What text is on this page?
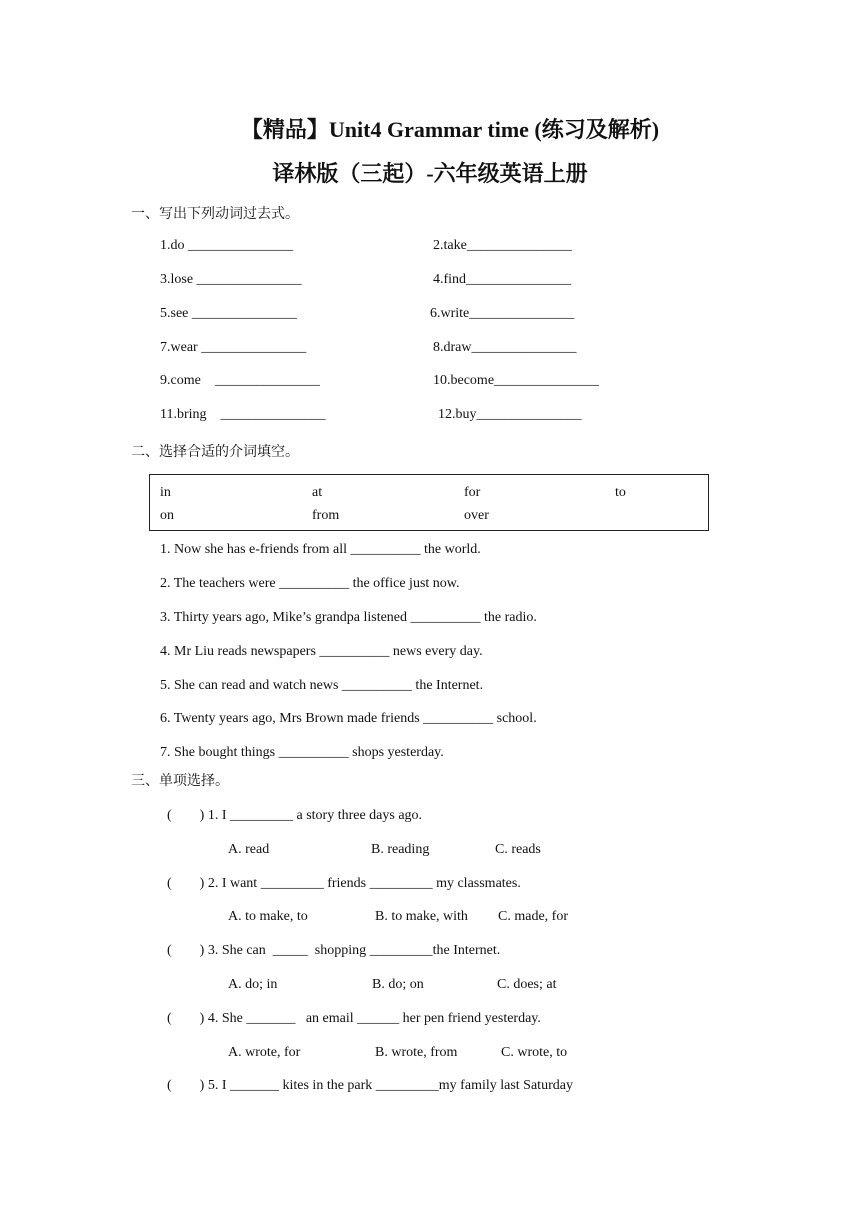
【精品】Unit4 Grammar time (练习及解析)
译林版（三起）-六年级英语上册
一、写出下列动词过去式。
1.do _______________	2.take_______________
3.lose _______________	4.find_______________
5.see _______________	6.write_______________
7.wear _______________	8.draw_______________
9.come    _______________	10.become_______________
11.bring    _______________	12.buy_______________
二、选择合适的介词填空。
in	at	for	to
on	from	over
1. Now she has e-friends from all __________ the world.
2. The teachers were __________ the office just now.
3. Thirty years ago, Mike’s grandpa listened __________ the radio.
4. Mr Liu reads newspapers __________ news every day.
5. She can read and watch news __________ the Internet.
6. Twenty years ago, Mrs Brown made friends __________ school.
7. She bought things __________ shops yesterday.
三、单项选择。
(        ) 1. I _________ a story three days ago.
A. read	B. reading	C. reads
(        ) 2. I want _________ friends _________ my classmates.
A. to make, to	B. to make, with C. made, for
(        ) 3. She can  _____  shopping _________the Internet.
A. do; in	B. do; on	C. does; at
(        ) 4. She _______   an email ______ her pen friend yesterday.
A. wrote, for	B. wrote, from	C. wrote, to
(        ) 5. I _______ kites in the park _________my family last Saturday
